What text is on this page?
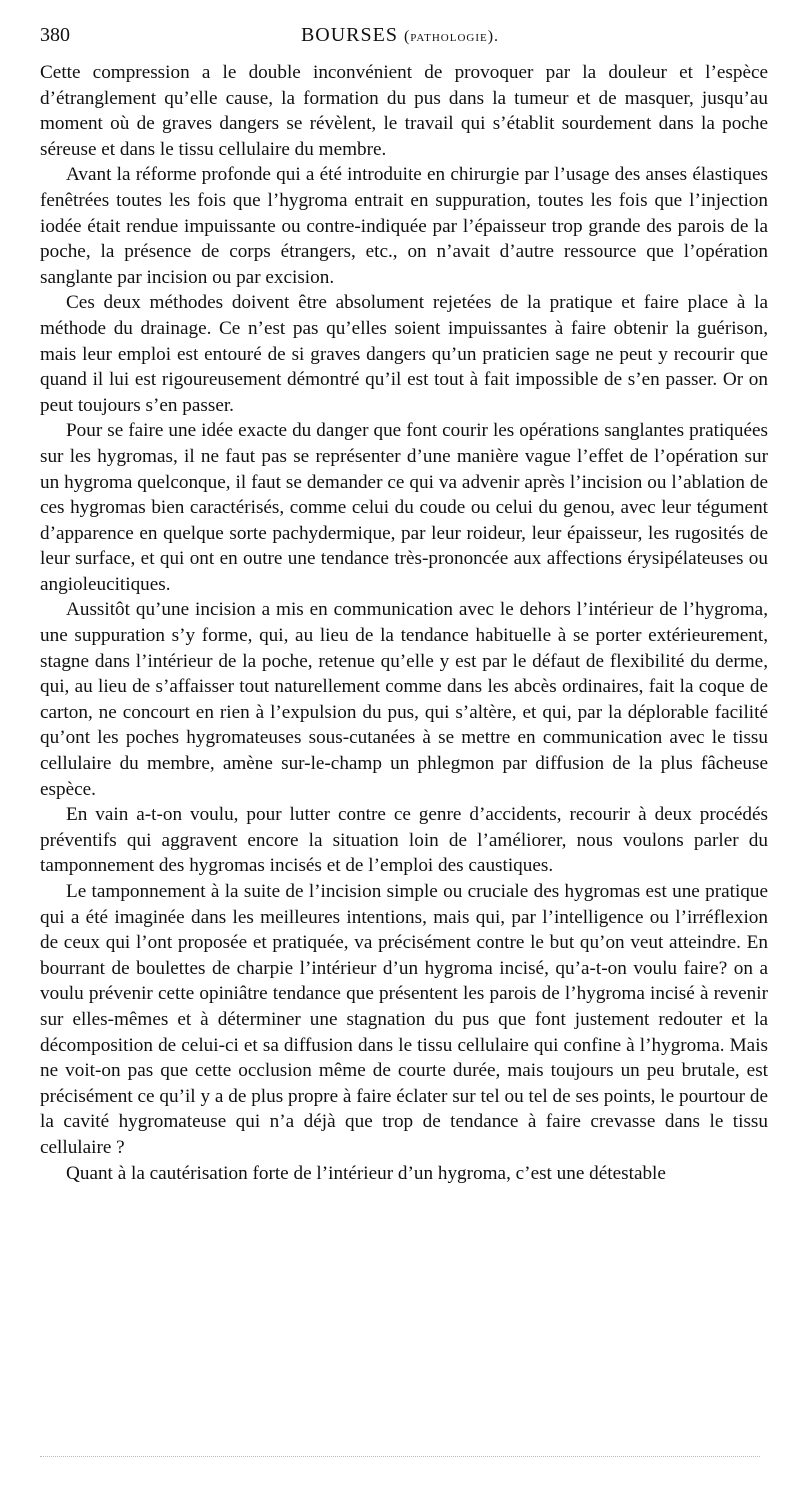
380	BOURSES (pathologie).

Cette compression a le double inconvénient de provoquer par la douleur et l’espèce d’étranglement qu’elle cause, la formation du pus dans la tumeur et de masquer, jusqu’au moment où de graves dangers se révèlent, le travail qui s’établit sourdement dans la poche séreuse et dans le tissu cellulaire du membre.

Avant la réforme profonde qui a été introduite en chirurgie par l’usage des anses élastiques fenêtrées toutes les fois que l’hygroma entrait en suppuration, toutes les fois que l’injection iodée était rendue impuissante ou contre-indiquée par l’épaisseur trop grande des parois de la poche, la présence de corps étrangers, etc., on n’avait d’autre ressource que l’opération sanglante par incision ou par excision.

Ces deux méthodes doivent être absolument rejetées de la pratique et faire place à la méthode du drainage. Ce n’est pas qu’elles soient impuissantes à faire obtenir la guérison, mais leur emploi est entouré de si graves dangers qu’un praticien sage ne peut y recourir que quand il lui est rigoureusement démontré qu’il est tout à fait impossible de s’en passer. Or on peut toujours s’en passer.

Pour se faire une idée exacte du danger que font courir les opérations sanglantes pratiquées sur les hygromas, il ne faut pas se représenter d’une manière vague l’effet de l’opération sur un hygroma quelconque, il faut se demander ce qui va advenir après l’incision ou l’ablation de ces hygromas bien caractérisés, comme celui du coude ou celui du genou, avec leur tégument d’apparence en quelque sorte pachydermique, par leur roideur, leur épaisseur, les rugosités de leur surface, et qui ont en outre une tendance très-prononcée aux affections érysipélateuses ou angioleucitiques.

Aussitôt qu’une incision a mis en communication avec le dehors l’intérieur de l’hygroma, une suppuration s’y forme, qui, au lieu de la tendance habituelle à se porter extérieurement, stagne dans l’intérieur de la poche, retenue qu’elle y est par le défaut de flexibilité du derme, qui, au lieu de s’affaisser tout naturellement comme dans les abcès ordinaires, fait la coque de carton, ne concourt en rien à l’expulsion du pus, qui s’altère, et qui, par la déplorable facilité qu’ont les poches hygromateuses sous-cutanées à se mettre en communication avec le tissu cellulaire du membre, amène sur-le-champ un phlegmon par diffusion de la plus fâcheuse espèce.

En vain a-t-on voulu, pour lutter contre ce genre d’accidents, recourir à deux procédés préventifs qui aggravent encore la situation loin de l’améliorer, nous voulons parler du tamponnement des hygromas incisés et de l’emploi des caustiques.

Le tamponnement à la suite de l’incision simple ou cruciale des hygromas est une pratique qui a été imaginée dans les meilleures intentions, mais qui, par l’intelligence ou l’irréflexion de ceux qui l’ont proposée et pratiquée, va précisément contre le but qu’on veut atteindre. En bourrant de boulettes de charpie l’intérieur d’un hygroma incisé, qu’a-t-on voulu faire? on a voulu prévenir cette opiniâtre tendance que présentent les parois de l’hygroma incisé à revenir sur elles-mêmes et à déterminer une stagnation du pus que font justement redouter et la décomposition de celui-ci et sa diffusion dans le tissu cellulaire qui confine à l’hygroma. Mais ne voit-on pas que cette occlusion même de courte durée, mais toujours un peu brutale, est précisément ce qu’il y a de plus propre à faire éclater sur tel ou tel de ses points, le pourtour de la cavité hygromateuse qui n’a déjà que trop de tendance à faire crevasse dans le tissu cellulaire ?

Quant à la cautérisation forte de l’intérieur d’un hygroma, c’est une détestable
